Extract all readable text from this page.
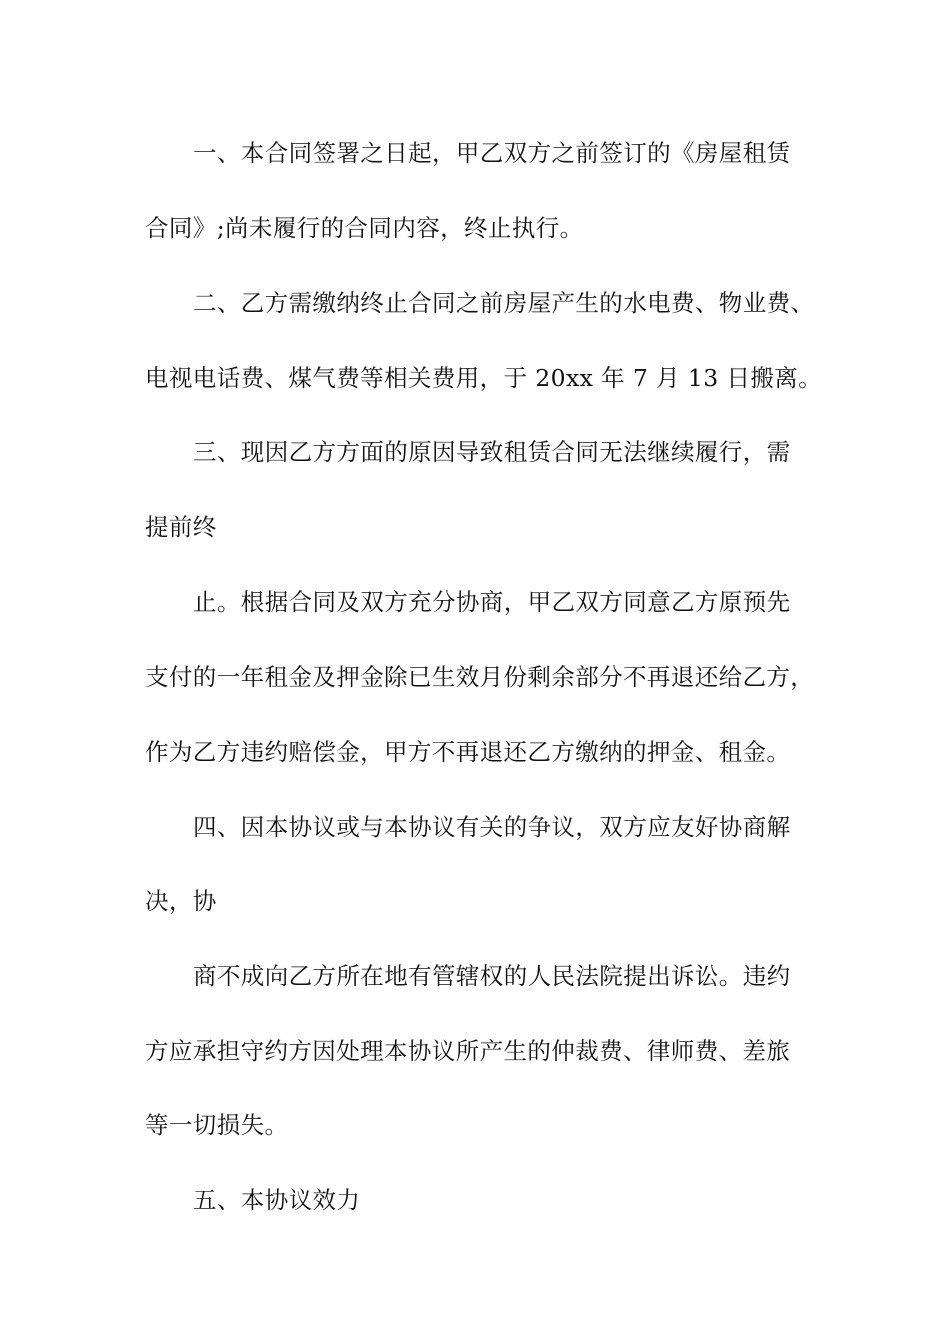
一、本合同签署之日起，甲乙双方之前签订的《房屋租赁
合同》;尚未履行的合同内容，终止执行。
二、乙方需缴纳终止合同之前房屋产生的水电费、物业费、
电视电话费、煤气费等相关费用，于 20xx 年 7 月 13 日搬离。
三、现因乙方方面的原因导致租赁合同无法继续履行，需
提前终
止。根据合同及双方充分协商，甲乙双方同意乙方原预先
支付的一年租金及押金除已生效月份剩余部分不再退还给乙方，
作为乙方违约赔偿金，甲方不再退还乙方缴纳的押金、租金。
四、因本协议或与本协议有关的争议，双方应友好协商解
决，协
商不成向乙方所在地有管辖权的人民法院提出诉讼。违约
方应承担守约方因处理本协议所产生的仲裁费、律师费、差旅
等一切损失。
五、本协议效力
